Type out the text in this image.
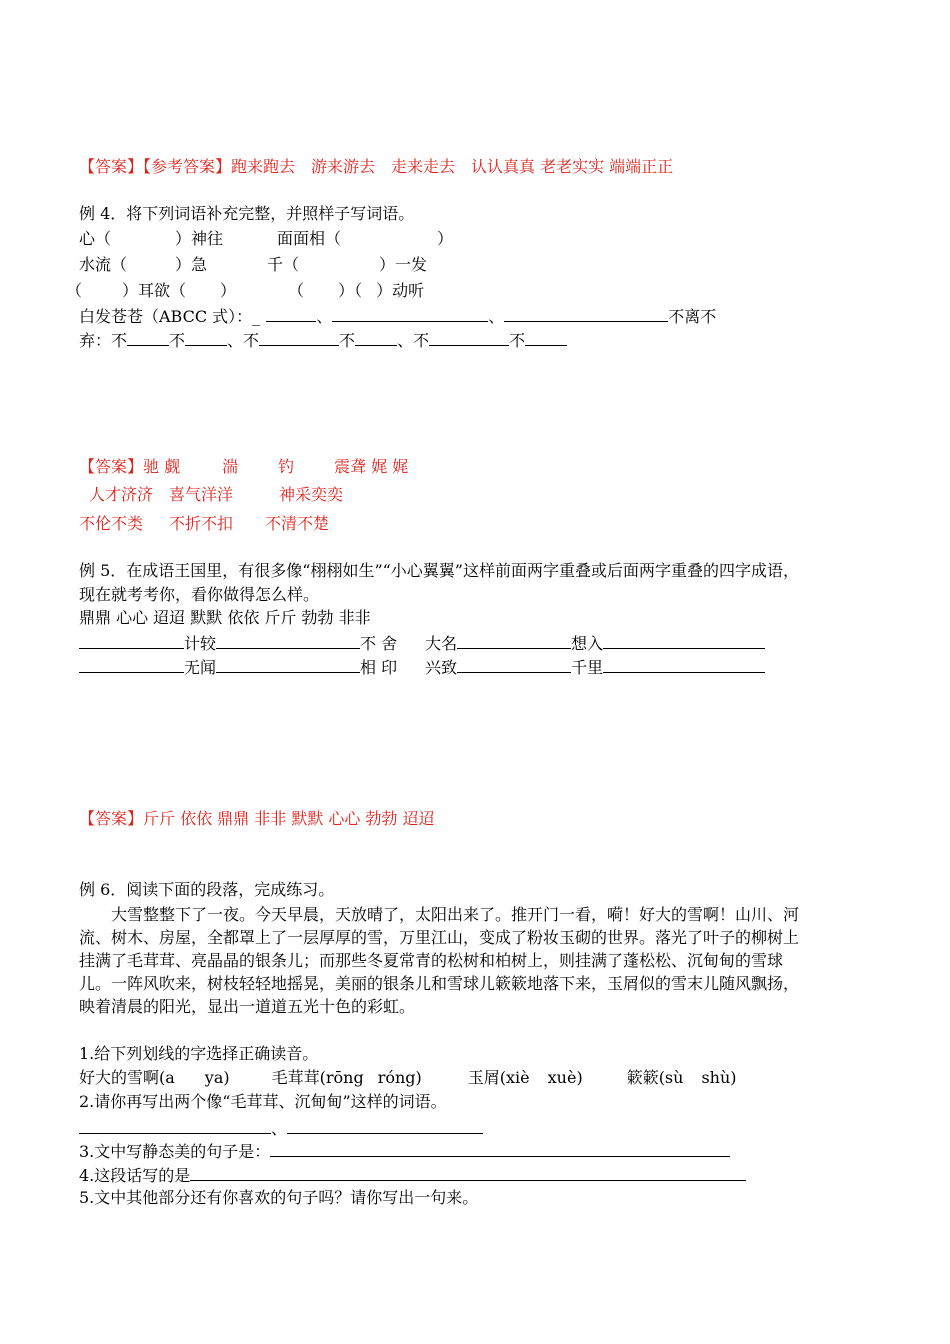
【答案】【参考答案】跑来跑去　游来游去　走来走去　认认真真 老老实实 端端正正
例 4．将下列词语补充完整，并照样子写词语。
心（	）神往	面面相（	）
水流（	）急	千（	）一发
（	）耳欲（ ）	（ ）（ ）动听
白发苍苍（ABCC 式）：_	、	、	不离不
弃：不	不	、不	不	、不	不
【答案】驰 觑	湍	钓	震聋 娓 娓
人才济济 喜气洋洋	神采奕奕
不伦不类 不折不扣 不清不楚
例 5．在成语王国里，有很多像“栩栩如生”“小心翼翼”这样前面两字重叠或后面两字重叠的四字成语，
现在就考考你，看你做得怎么样。
鼎鼎 心心 迢迢 默默 依依 斤斤 勃勃 非非
计较	不 舍 大名	想入
无闻	相 印 兴致	千里
【答案】斤斤 依依 鼎鼎 非非 默默 心心 勃勃 迢迢
例 6．阅读下面的段落，完成练习。
大雪整整下了一夜。今天早晨，天放晴了，太阳出来了。推开门一看，嗬！好大的雪啊！山川、河
流、树木、房屋，全都罩上了一层厚厚的雪，万里江山，变成了粉妆玉砌的世界。落光了叶子的柳树上
挂满了毛茸茸、亮晶晶的银条儿；而那些冬夏常青的松树和柏树上，则挂满了蓬松松、沉甸甸的雪球
儿。一阵风吹来，树枝轻轻地摇晃，美丽的银条儿和雪球儿簌簌地落下来，玉屑似的雪末儿随风飘扬，
映着清晨的阳光，显出一道道五光十色的彩虹。
1.给下列划线的字选择正确读音。
好大的雪啊(a ya)	毛茸茸(rōng róng)	玉屑(xiè xuè)	簌簌(sù shù)
2.请你再写出两个像“毛茸茸、沉甸甸”这样的词语。
、
3.文中写静态美的句子是：
4.这段话写的是
5.文中其他部分还有你喜欢的句子吗？请你写出一句来。
